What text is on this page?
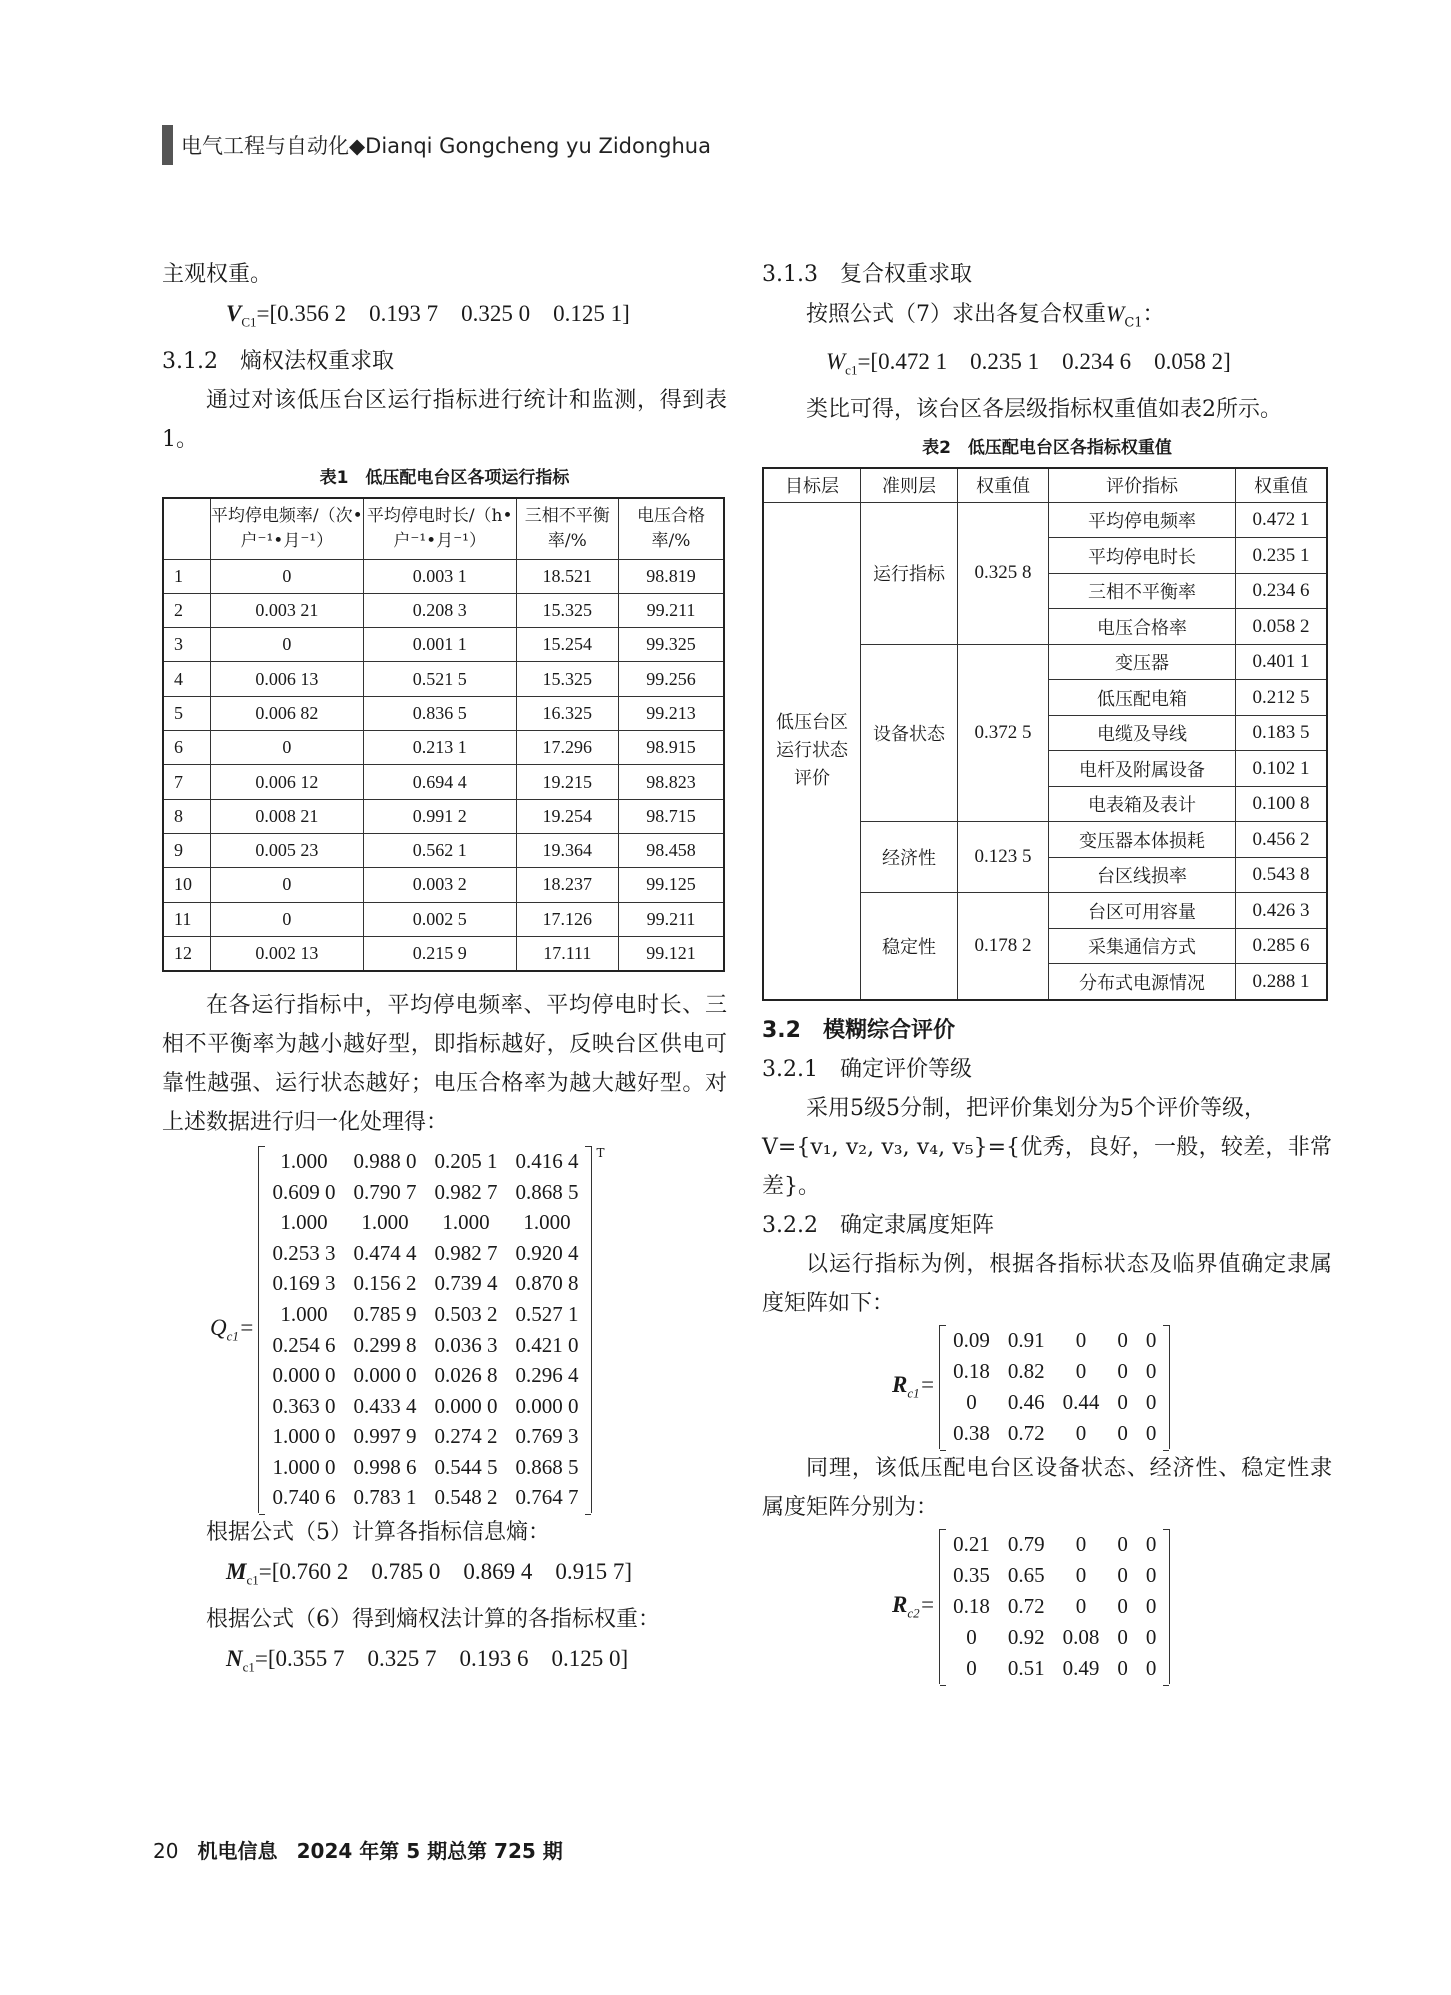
电气工程与自动化◆Dianqi Gongcheng yu Zidonghua

主观权重。

$V_{C1}=[0.356$ 2　0.193 7　0.325 0　0.125 1]

3.1.2　熵权法权重求取

通过对该低压台区运行指标进行统计和监测，得到表1。

表1　低压配电台区各项运行指标
	平均停电频率/（次•户⁻¹•月⁻¹）	平均停电时长/（h•户⁻¹•月⁻¹）	三相不平衡率/%	电压合格率/%
1	0	0.003 1	18.521	98.819
2	0.003 21	0.208 3	15.325	99.211
3	0	0.001 1	15.254	99.325
4	0.006 13	0.521 5	15.325	99.256
5	0.006 82	0.836 5	16.325	99.213
6	0	0.213 1	17.296	98.915
7	0.006 12	0.694 4	19.215	98.823
8	0.008 21	0.991 2	19.254	98.715
9	0.005 23	0.562 1	19.364	98.458
10	0	0.003 2	18.237	99.125
11	0	0.002 5	17.126	99.211
12	0.002 13	0.215 9	17.111	99.121

在各运行指标中，平均停电频率、平均停电时长、三相不平衡率为越小越好型，即指标越好，反映台区供电可靠性越强、运行状态越好；电压合格率为越大越好型。对上述数据进行归一化处理得：

$Q_{c1}=$
1.000	0.988 0	0.205 1	0.416 4
0.609 0	0.790 7	0.982 7	0.868 5
1.000	1.000	1.000	1.000
0.253 3	0.474 4	0.982 7	0.920 4
0.169 3	0.156 2	0.739 4	0.870 8
1.000	0.785 9	0.503 2	0.527 1
0.254 6	0.299 8	0.036 3	0.421 0
0.000 0	0.000 0	0.026 8	0.296 4
0.363 0	0.433 4	0.000 0	0.000 0
1.000 0	0.997 9	0.274 2	0.769 3
1.000 0	0.998 6	0.544 5	0.868 5
0.740 6	0.783 1	0.548 2	0.764 7
$^T$

根据公式（5）计算各指标信息熵：

$M_{c1}=[0.760$ 2　0.785 0　0.869 4　0.915 7]

根据公式（6）得到熵权法计算的各指标权重：

$N_{c1}=[0.355$ 7　0.325 7　0.193 6　0.125 0]

3.1.3　复合权重求取

按照公式（7）求出各复合权重$W_{C1}$：

$W_{c1}=[0.472$ 1　0.235 1　0.234 6　0.058 2]

类比可得，该台区各层级指标权重值如表2所示。

表2　低压配电台区各指标权重值
目标层	准则层	权重值	评价指标	权重值
低压台区运行状态评价	运行指标	0.325 8	平均停电频率	0.472 1
			平均停电时长	0.235 1
			三相不平衡率	0.234 6
			电压合格率	0.058 2
	设备状态	0.372 5	变压器	0.401 1
			低压配电箱	0.212 5
			电缆及导线	0.183 5
			电杆及附属设备	0.102 1
			电表箱及表计	0.100 8
	经济性	0.123 5	变压器本体损耗	0.456 2
			台区线损率	0.543 8
	稳定性	0.178 2	台区可用容量	0.426 3
			采集通信方式	0.285 6
			分布式电源情况	0.288 1

3.2　模糊综合评价

3.2.1　确定评价等级

采用5级5分制，把评价集划分为5个评价等级，

V={v₁, v₂, v₃, v₄, v₅}={优秀，良好，一般，较差，非常差}。

3.2.2　确定隶属度矩阵

以运行指标为例，根据各指标状态及临界值确定隶属度矩阵如下：

$R_{c1}=$
0.09	0.91	0	0	0
0.18	0.82	0	0	0
0	0.46	0.44	0	0
0.38	0.72	0	0	0

同理，该低压配电台区设备状态、经济性、稳定性隶属度矩阵分别为：

$R_{c2}=$
0.21	0.79	0	0	0
0.35	0.65	0	0	0
0.18	0.72	0	0	0
0	0.92	0.08	0	0
0	0.51	0.49	0	0
20 机电信息 2024 年第 5 期总第 725 期
